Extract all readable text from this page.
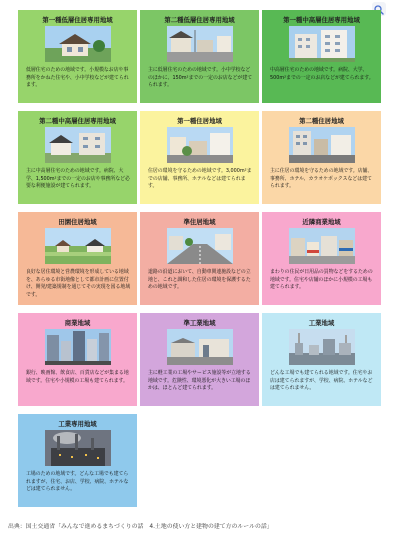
第一種低層住居専用地域
低層住宅のための地域です。小規模なお店や事務所をかねた住宅や、小中学校などが建てられます。
第二種低層住居専用地域
主に低層住宅のための地域です。小中学校などのほかに、150m²までの一定のお店などが建てられます。
第一種中高層住居専用地域
中高層住宅のための地域です。病院、大学、500m²までの一定のお店などが建てられます。
第二種中高層住居専用地域
主に中高層住宅のための地域です。病院、大学、1,500m²までの一定のお店や事務所など必要な利便施設が建てられます。
第一種住居地域
住居の環境を守るための地域です。3,000m²までの店舗、事務所、ホテルなどは建てられます。
第二種住居地域
主に住居の環境を守るための地域です。店舗、事務所、ホテル、カラオケボックスなどは建てられます。
田園住居地域
良好な居住環境と営農環境を形成している地域を、あらゆる市街地像として都市計画に位置付け、開発/建築規制を通じてその実現を図る地域です。
準住居地域
道路の沿道において、自動車関連施設などの立地と、これと調和した住居の環境を保護するための地域です。
近隣商業地域
まわりの住民が日用品の買物などをするための地域です。住宅や店舗のほかに小規模の工場も建てられます。
商業地域
銀行、映画館、飲食店、百貨店などが集まる地域です。住宅や小規模の工場も建てられます。
準工業地域
主に軽工業の工場やサービス施設等が立地する地域です。危険性、環境悪化が大きい工場のほかは、ほとんど建てられます。
工業地域
どんな工場でも建てられる地域です。住宅やお店は建てられますが、学校、病院、ホテルなどは建てられません。
工業専用地域
工場のための地域です。どんな工場でも建てられますが、住宅、お店、学校、病院、ホテルなどは建てられません。
出典：国土交通省「みんなで進めるまちづくりの話　4.土地の使い方と建物の建て方のルールの話」
